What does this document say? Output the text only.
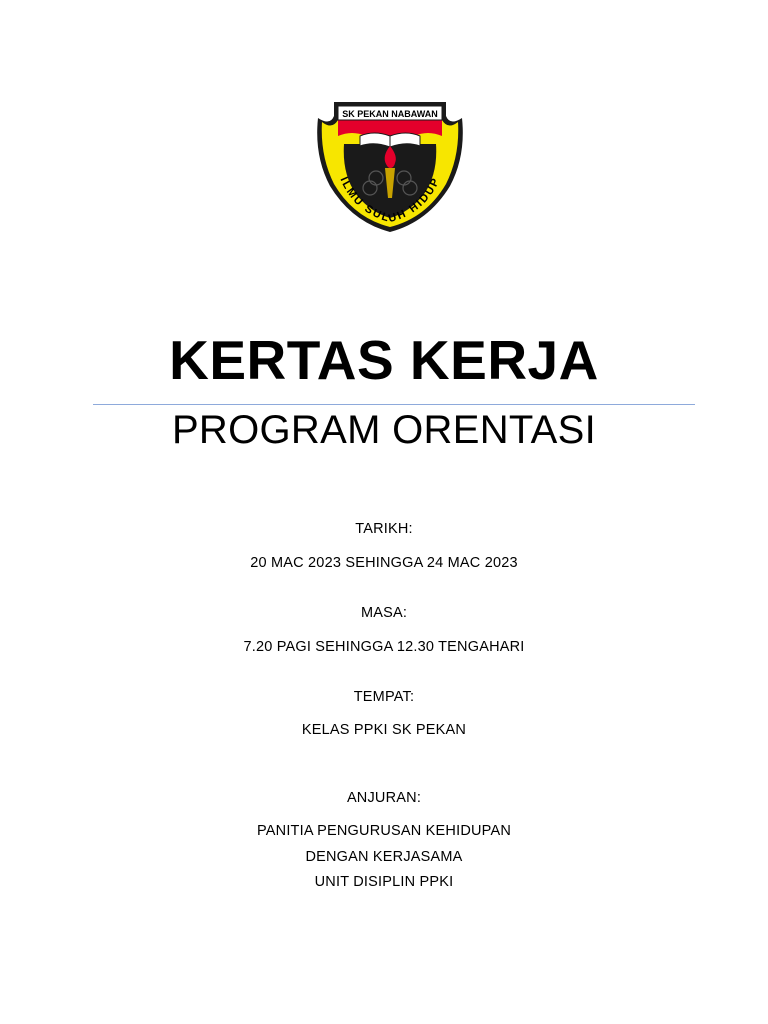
SK PEKAN NABAWAN
ILMU SULUH HIDUP
KERTAS KERJA
PROGRAM ORENTASI
TARIKH:
20 MAC 2023 SEHINGGA 24 MAC 2023
MASA:
7.20 PAGI SEHINGGA 12.30 TENGAHARI
TEMPAT:
KELAS PPKI SK PEKAN
ANJURAN:
PANITIA PENGURUSAN KEHIDUPAN
DENGAN KERJASAMA
UNIT DISIPLIN PPKI
